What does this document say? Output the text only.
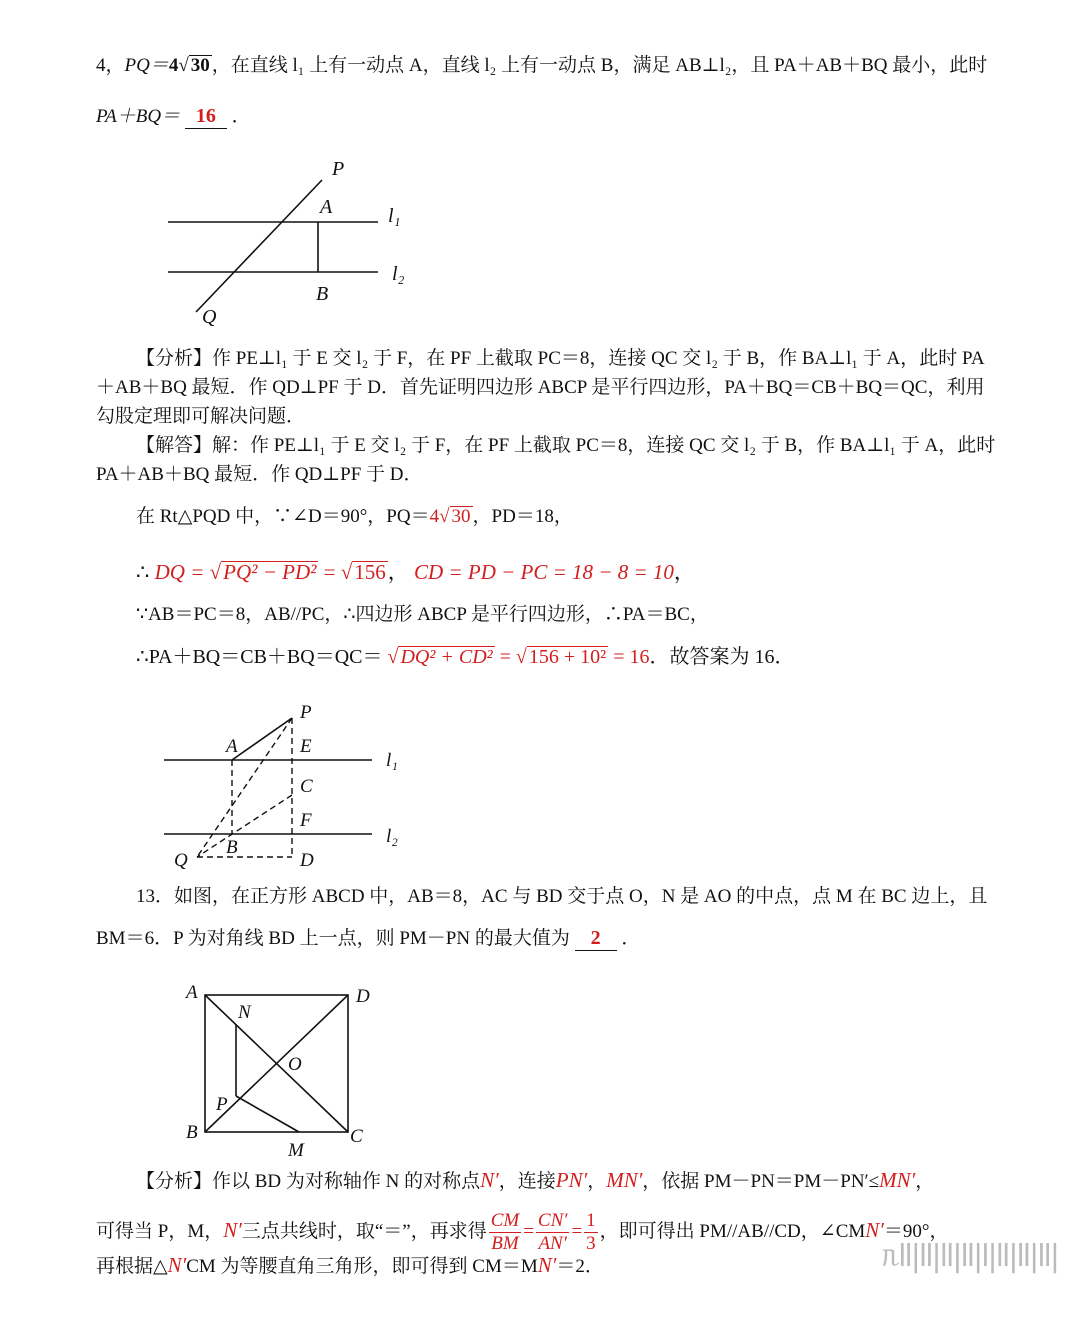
4，PQ＝4√ 30 ，在直线 l₁ 上有一动点 A，直线 l₂ 上有一动点 B，满足 AB⊥l₂，且 PA＋AB＋BQ 最小，此时
PA＋BQ＝ 16 ．
P
A	l₁
l₂
B
Q
【分析】作 PE⊥l₁ 于 E 交 l₂ 于 F，在 PF 上截取 PC＝8，连接 QC 交 l₂ 于 B，作 BA⊥l₁ 于 A，此时 PA
＋AB＋BQ 最短．作 QD⊥PF 于 D．首先证明四边形 ABCP 是平行四边形，PA＋BQ＝CB＋BQ＝QC，利用
勾股定理即可解决问题．
【解答】解：作 PE⊥l₁ 于 E 交 l₂ 于 F，在 PF 上截取 PC＝8，连接 QC 交 l₂ 于 B，作 BA⊥l₁ 于 A，此时
PA＋AB＋BQ 最短．作 QD⊥PF 于 D．
在 Rt△PQD 中，∵∠D＝90°，PQ＝4√ 30 ，PD＝18，
∴ DQ = √PQ² − PD² = √156， CD = PD − PC = 18 − 8 = 10，
∵AB＝PC＝8，AB//PC，∴四边形 ABCP 是平行四边形，∴PA＝BC，
∴PA＋BQ＝CB＋BQ＝QC＝ √ DQ² + CD² = √ 156 + 10² = 16．故答案为 16．
P
A	E
l₁
C
F
l₂
B
Q	D
13．如图，在正方形 ABCD 中，AB＝8，AC 与 BD 交于点 O，N 是 AO 的中点，点 M 在 BC 边上，且
BM＝6．P 为对角线 BD 上一点，则 PM－PN 的最大值为 2 ．
A	D
N
O
P
B
M
C
【分析】作以 BD 为对称轴作 N 的对称点N′，连接PN′，MN′，依据 PM－PN＝PM－PN′≤MN′，
可得当 P，M，N′三点共线时，取“＝”，再求得 $\frac{CM}{BM} = \frac{CN'}{AN'} = \frac{1}{3}$ ，即可得出 PM//AB//CD，∠CMN′＝90°，
再根据△N′CM 为等腰直角三角形，即可得到 CM＝MN′＝2．	ᥰll|ll|ll|ll|l|ll|ll|ll|
